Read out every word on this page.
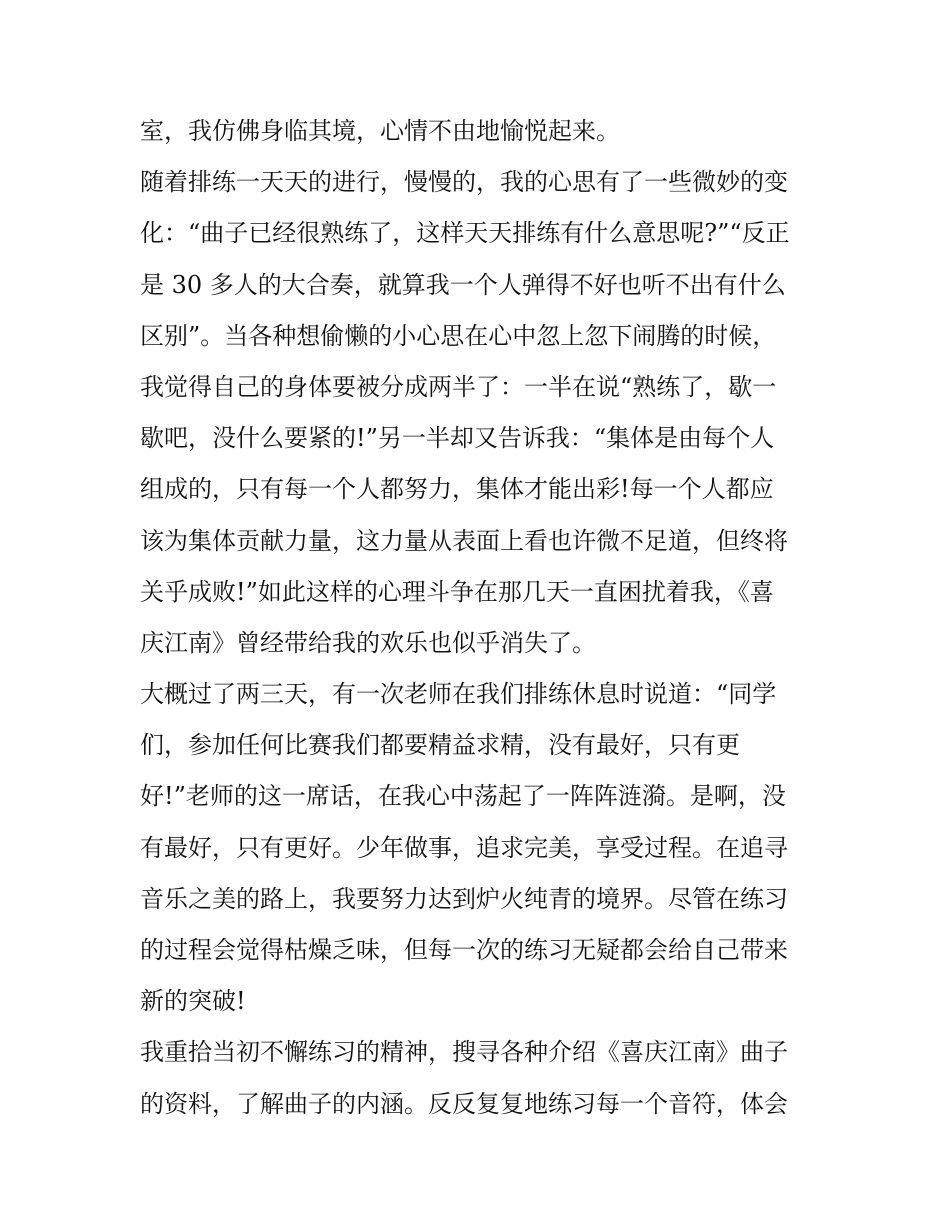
室，我仿佛身临其境，心情不由地愉悦起来。
随着排练一天天的进行，慢慢的，我的心思有了一些微妙的变
化：“曲子已经很熟练了，这样天天排练有什么意思呢?”“反正
是 30 多人的大合奏，就算我一个人弹得不好也听不出有什么
区别”。当各种想偷懒的小心思在心中忽上忽下闹腾的时候，
我觉得自己的身体要被分成两半了：一半在说“熟练了，歇一
歇吧，没什么要紧的!”另一半却又告诉我：“集体是由每个人
组成的，只有每一个人都努力，集体才能出彩!每一个人都应
该为集体贡献力量，这力量从表面上看也许微不足道，但终将
关乎成败!”如此这样的心理斗争在那几天一直困扰着我，《喜
庆江南》曾经带给我的欢乐也似乎消失了。
大概过了两三天，有一次老师在我们排练休息时说道：“同学
们，参加任何比赛我们都要精益求精，没有最好，只有更
好!”老师的这一席话，在我心中荡起了一阵阵涟漪。是啊，没
有最好，只有更好。少年做事，追求完美，享受过程。在追寻
音乐之美的路上，我要努力达到炉火纯青的境界。尽管在练习
的过程会觉得枯燥乏味，但每一次的练习无疑都会给自己带来
新的突破!
我重拾当初不懈练习的精神，搜寻各种介绍《喜庆江南》曲子
的资料，了解曲子的内涵。反反复复地练习每一个音符，体会
